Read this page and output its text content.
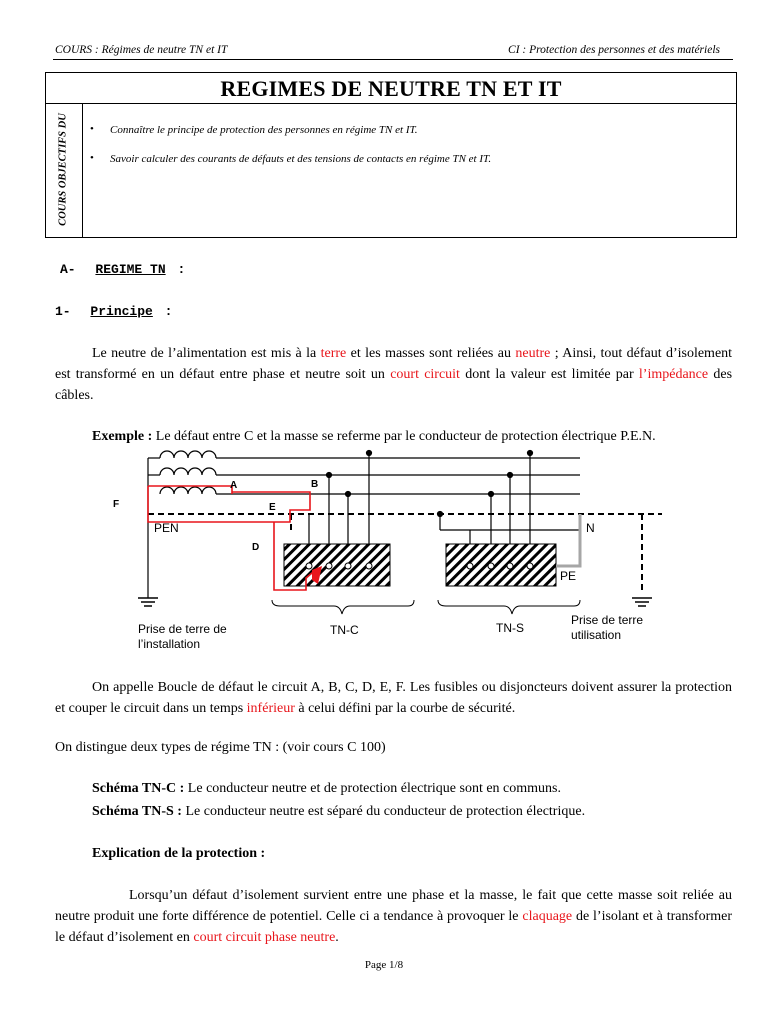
COURS : Régimes de neutre TN et IT	CI : Protection des personnes et des matériels
REGIMES DE NEUTRE TN ET IT
COURS OBJECTIFS DU • Connaître le principe de protection des personnes en régime TN et IT.
• Savoir calculer des courants de défauts et des tensions de contacts en régime TN et IT.
A- REGIME TN :
1- Principe :
Le neutre de l’alimentation est mis à la terre et les masses sont reliées au neutre ; Ainsi, tout défaut d’isolement est transformé en un défaut entre phase et neutre soit un court circuit dont la valeur est limitée par l’impédance des câbles.
Exemple : Le défaut entre C et la masse se referme par le conducteur de protection électrique P.E.N.
A	B
E
F
D
PEN	N
PE
TN-C	TN-S
Prise de terre de
l’installation
Prise de terre
utilisation
On appelle Boucle de défaut le circuit A, B, C, D, E, F. Les fusibles ou disjoncteurs doivent assurer la protection et couper le circuit dans un temps inférieur à celui défini par la courbe de sécurité.
On distingue deux types de régime TN : (voir cours C 100)
Schéma TN-C : Le conducteur neutre et de protection électrique sont en communs.
Schéma TN-S : Le conducteur neutre est séparé du conducteur de protection électrique.
Explication de la protection :
Lorsqu’un défaut d’isolement survient entre une phase et la masse, le fait que cette masse soit reliée au neutre produit une forte différence de potentiel. Celle ci a tendance à provoquer le claquage de l’isolant et à transformer le défaut d’isolement en court circuit phase neutre.
Page 1/8
